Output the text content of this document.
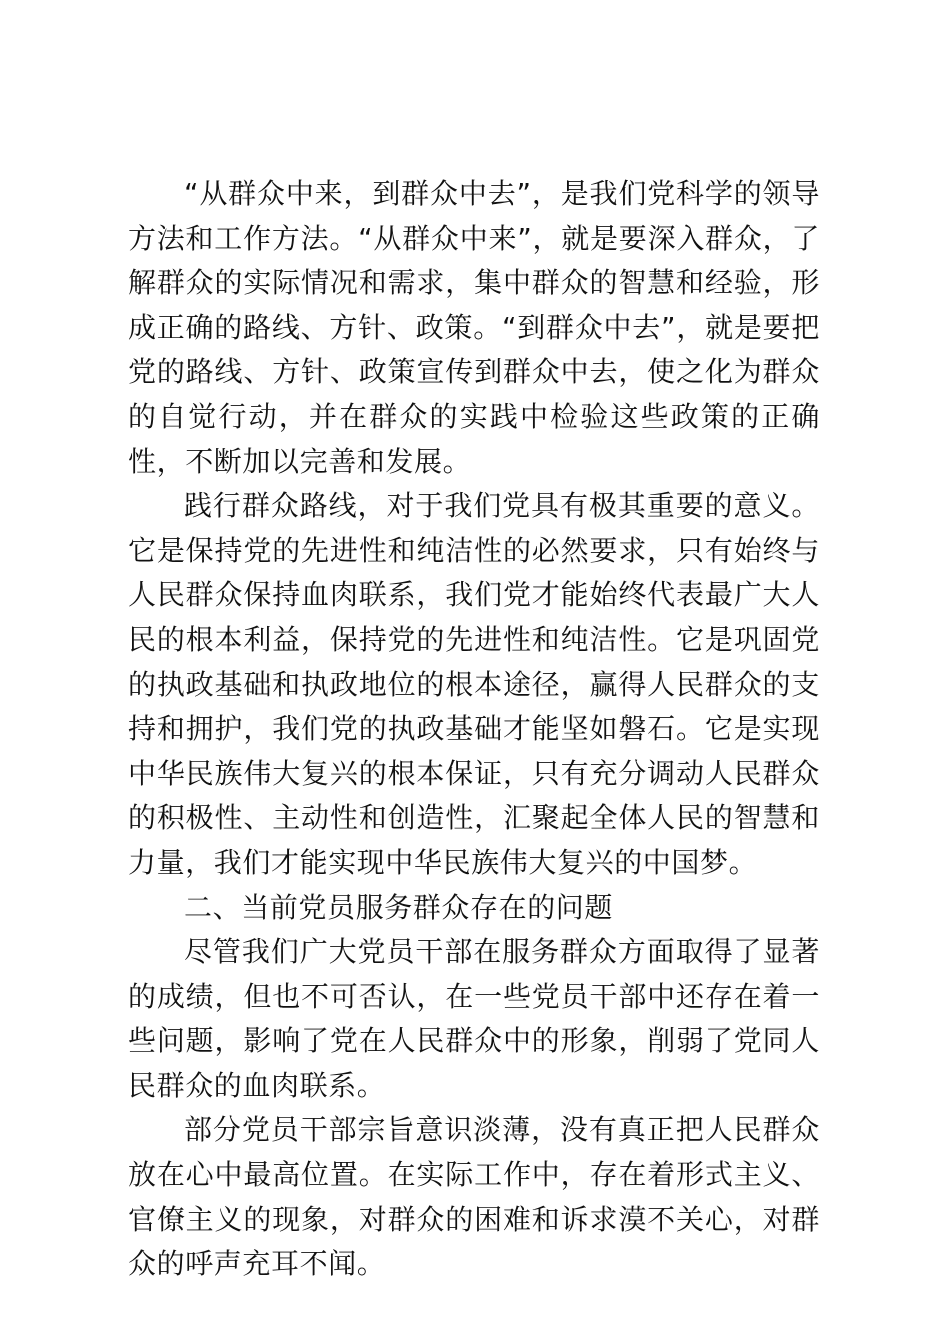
“从群众中来，到群众中去”，是我们党科学的领导方法和工作方法。“从群众中来”，就是要深入群众，了解群众的实际情况和需求，集中群众的智慧和经验，形成正确的路线、方针、政策。“到群众中去”，就是要把党的路线、方针、政策宣传到群众中去，使之化为群众的自觉行动，并在群众的实践中检验这些政策的正确性，不断加以完善和发展。

践行群众路线，对于我们党具有极其重要的意义。它是保持党的先进性和纯洁性的必然要求，只有始终与人民群众保持血肉联系，我们党才能始终代表最广大人民的根本利益，保持党的先进性和纯洁性。它是巩固党的执政基础和执政地位的根本途径，赢得人民群众的支持和拥护，我们党的执政基础才能坚如磐石。它是实现中华民族伟大复兴的根本保证，只有充分调动人民群众的积极性、主动性和创造性，汇聚起全体人民的智慧和力量，我们才能实现中华民族伟大复兴的中国梦。

二、当前党员服务群众存在的问题

尽管我们广大党员干部在服务群众方面取得了显著的成绩，但也不可否认，在一些党员干部中还存在着一些问题，影响了党在人民群众中的形象，削弱了党同人民群众的血肉联系。

部分党员干部宗旨意识淡薄，没有真正把人民群众放在心中最高位置。在实际工作中，存在着形式主义、官僚主义的现象，对群众的困难和诉求漠不关心，对群众的呼声充耳不闻。
